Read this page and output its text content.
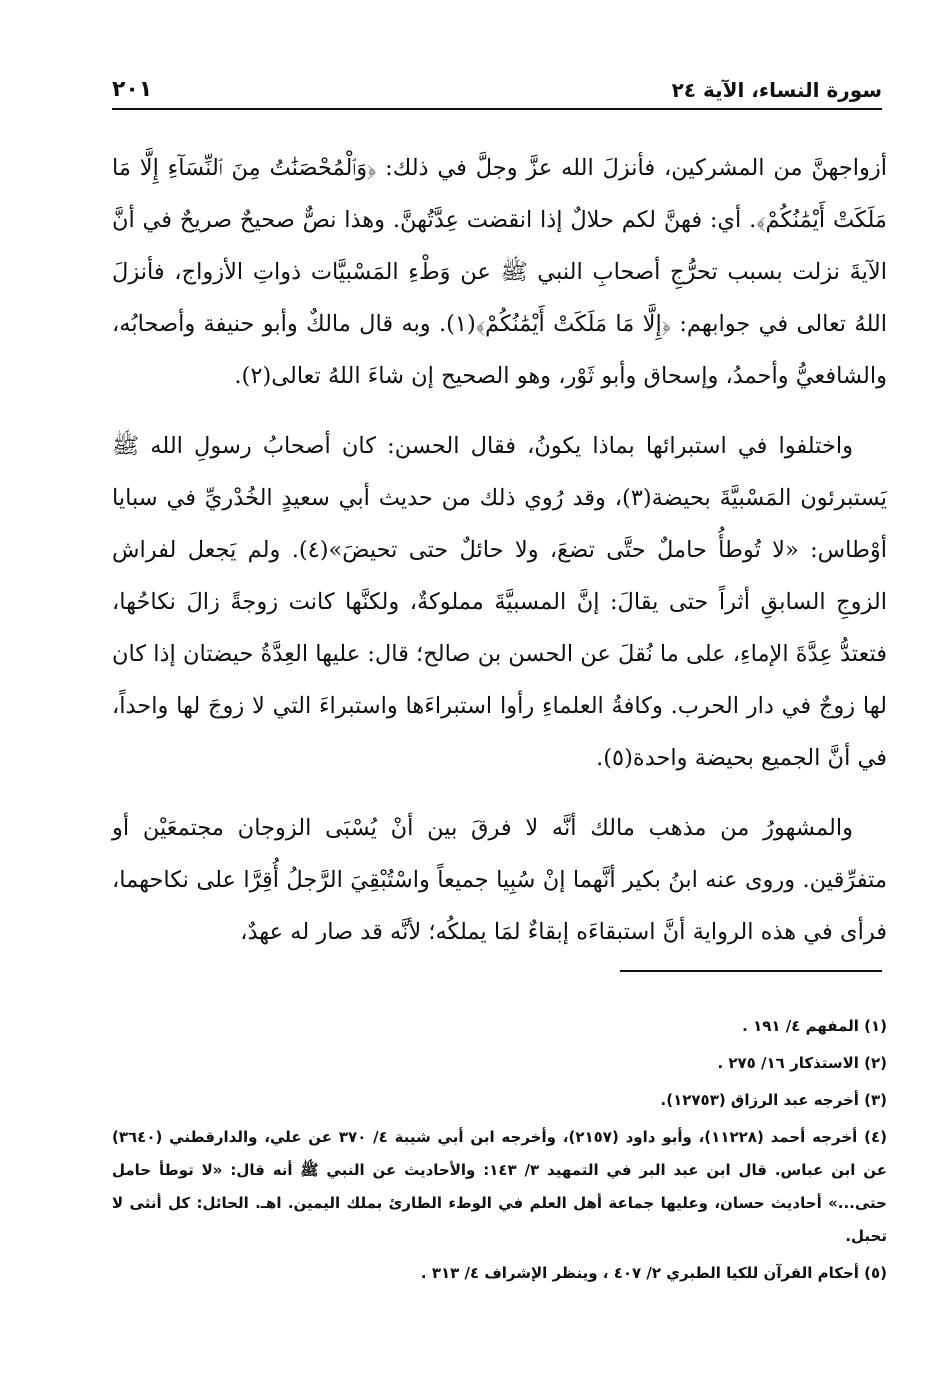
سورة النساء، الآية ٢٤
٢٠١

أزواجهنَّ من المشركين، فأنزلَ الله عزَّ وجلَّ في ذلك: ﴿وَٱلْمُحْصَنَٰتُ مِنَ ٱلنِّسَآءِ إِلَّا مَا مَلَكَتْ أَيْمَٰنُكُمْ﴾. أي: فهنَّ لكم حلالٌ إذا انقضت عِدَّتُهنَّ. وهذا نصٌّ صحيحٌ صريحٌ في أنَّ الآيةَ نزلت بسبب تحرُّجِ أصحابِ النبي ﷺ عن وَطْءِ المَسْبيَّات ذواتِ الأزواج، فأنزلَ اللهُ تعالى في جوابهم: ﴿إِلَّا مَا مَلَكَتْ أَيْمَٰنُكُمْ﴾(١). وبه قال مالكٌ وأبو حنيفة وأصحابُه، والشافعيُّ وأحمدُ، وإسحاق وأبو ثَوْر، وهو الصحيح إن شاءَ اللهُ تعالى(٢).

واختلفوا في استبرائها بماذا يكونُ، فقال الحسن: كان أصحابُ رسولِ الله ﷺ يَستبرئون المَسْبيَّةَ بحيضة(٣)، وقد رُوي ذلك من حديث أبي سعيدٍ الخُدْريِّ في سبايا أوْطاس: «لا تُوطأُ حاملٌ حتَّى تضعَ، ولا حائلٌ حتى تحيضَ»(٤). ولم يَجعل لفراش الزوجِ السابقِ أثراً حتى يقالَ: إنَّ المسبيَّةَ مملوكةٌ، ولكنَّها كانت زوجةً زالَ نكاحُها، فتعتدُّ عِدَّةَ الإماءِ، على ما نُقلَ عن الحسن بن صالح؛ قال: عليها العِدَّةُ حيضتان إذا كان لها زوجٌ في دار الحرب. وكافةُ العلماءِ رأوا استبراءَها واستبراءَ التي لا زوجَ لها واحداً، في أنَّ الجميع بحيضة واحدة(٥).

والمشهورُ من مذهب مالك أنَّه لا فرقَ بين أنْ يُسْبَى الزوجان مجتمعَيْن أو متفرِّقين. وروى عنه ابنُ بكير أنَّهما إنْ سُبِيا جميعاً واسْتُبْقِيَ الرَّجلُ أُقِرَّا على نكاحهما، فرأى في هذه الرواية أنَّ استبقاءَه إبقاءٌ لمَا يملكُه؛ لأنَّه قد صار له عهدٌ،

(١) المفهم ٤/ ١٩١ .
(٢) الاستذكار ١٦/ ٢٧٥ .
(٣) أخرجه عبد الرزاق (١٢٧٥٣).
(٤) أخرجه أحمد (١١٢٢٨)، وأبو داود (٢١٥٧)، وأخرجه ابن أبي شيبة ٤/ ٣٧٠ عن علي، والدارقطني (٣٦٤٠) عن ابن عباس. قال ابن عبد البر في التمهيد ٣/ ١٤٣: والأحاديث عن النبي ﷺ أنه قال: «لا توطأ حامل حتى...» أحاديث حسان، وعليها جماعة أهل العلم في الوطء الطارئ بملك اليمين. اهـ. الحائل: كل أنثى لا تحبل.
(٥) أحكام القرآن للكيا الطبري ٢/ ٤٠٧ ، وينظر الإشراف ٤/ ٣١٣ .
